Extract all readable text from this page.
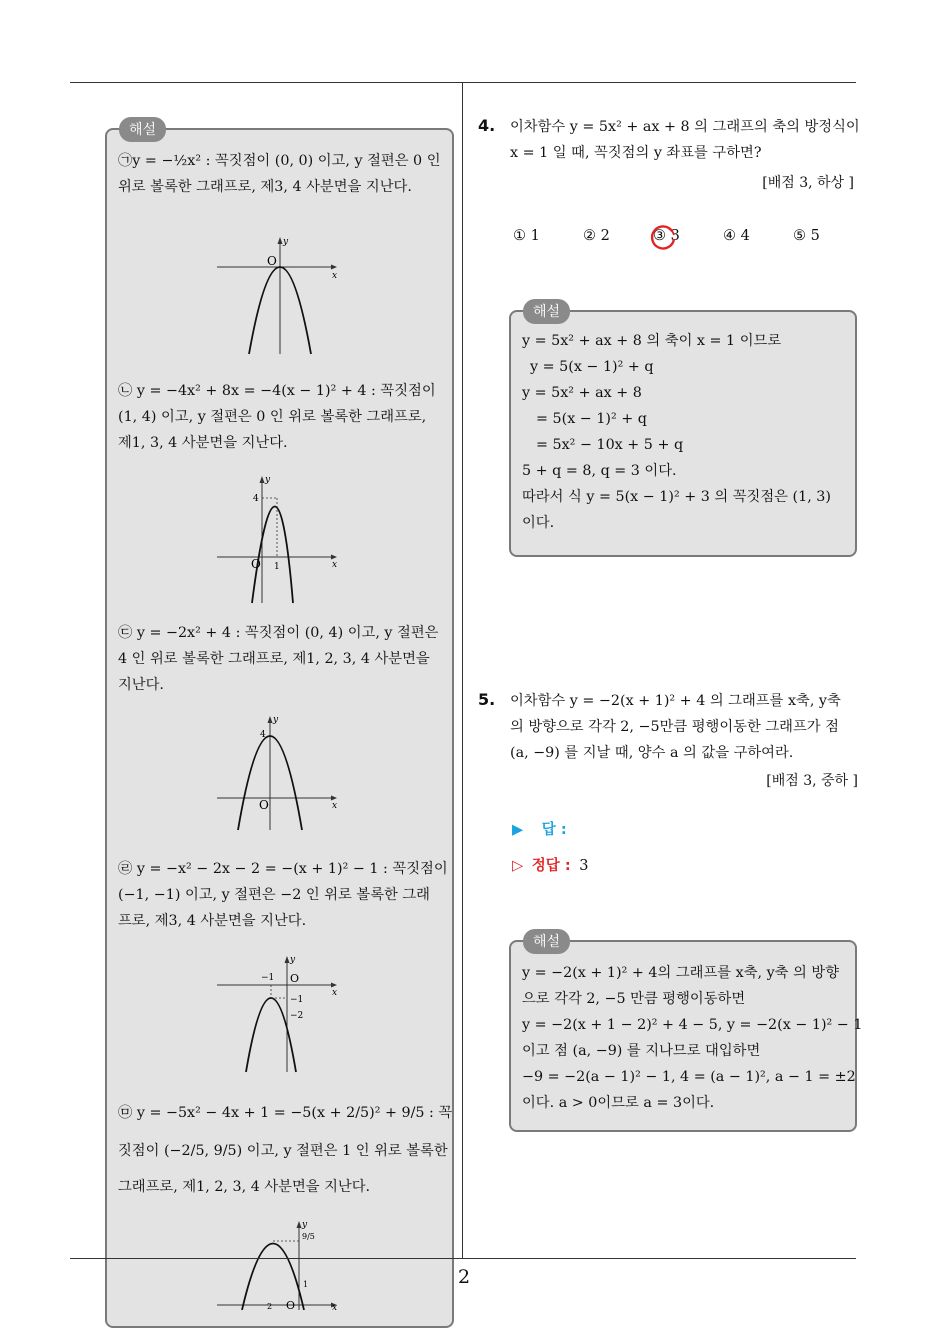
해설
㉠y = −½x² : 꼭짓점이 (0, 0) 이고, y 절편은 0 인
위로 볼록한 그래프로, 제3, 4 사분면을 지난다.
O
x
y
㉡ y = −4x² + 8x = −4(x − 1)² + 4 : 꼭짓점이
(1, 4) 이고, y 절편은 0 인 위로 볼록한 그래프로,
제1, 3, 4 사분면을 지난다.
4
O 1	x
y
㉢ y = −2x² + 4 : 꼭짓점이 (0, 4) 이고, y 절편은
4 인 위로 볼록한 그래프로, 제1, 2, 3, 4 사분면을
지난다.
4
O	x
y
㉣ y = −x² − 2x − 2 = −(x + 1)² − 1 : 꼭짓점이
(−1, −1) 이고, y 절편은 −2 인 위로 볼록한 그래
프로, 제3, 4 사분면을 지난다.
−1 O
−1
−2
x
y
㉤ y = −5x² − 4x + 1 = −5(x + 2/5)² + 9/5 : 꼭
짓점이 (−2/5, 9/5) 이고, y 절편은 1 인 위로 볼록한
그래프로, 제1, 2, 3, 4 사분면을 지난다.
9/5
1
2 O	x
y
2
4. 이차함수 y = 5x² + ax + 8 의 그래프의 축의 방정식이
x = 1 일 때, 꼭짓점의 y 좌표를 구하면?
[배점 3, 하상 ]
① 1	② 2	③ 3	④ 4	⑤ 5
해설
y = 5x² + ax + 8 의 축이 x = 1 이므로
y = 5(x − 1)² + q
y = 5x² + ax + 8
= 5(x − 1)² + q
= 5x² − 10x + 5 + q
5 + q = 8, q = 3 이다.
따라서 식 y = 5(x − 1)² + 3 의 꼭짓점은 (1, 3)
이다.
5. 이차함수 y = −2(x + 1)² + 4 의 그래프를 x축, y축
의 방향으로 각각 2, −5만큼 평행이동한 그래프가 점
(a, −9) 를 지날 때, 양수 a 의 값을 구하여라.
[배점 3, 중하 ]
▶ 답 :
▷ 정답 : 3
해설
y = −2(x + 1)² + 4의 그래프를 x축, y축 의 방향
으로 각각 2, −5 만큼 평행이동하면
y = −2(x + 1 − 2)² + 4 − 5, y = −2(x − 1)² − 1
이고 점 (a, −9) 를 지나므로 대입하면
−9 = −2(a − 1)² − 1, 4 = (a − 1)², a − 1 = ±2
이다. a > 0이므로 a = 3이다.
